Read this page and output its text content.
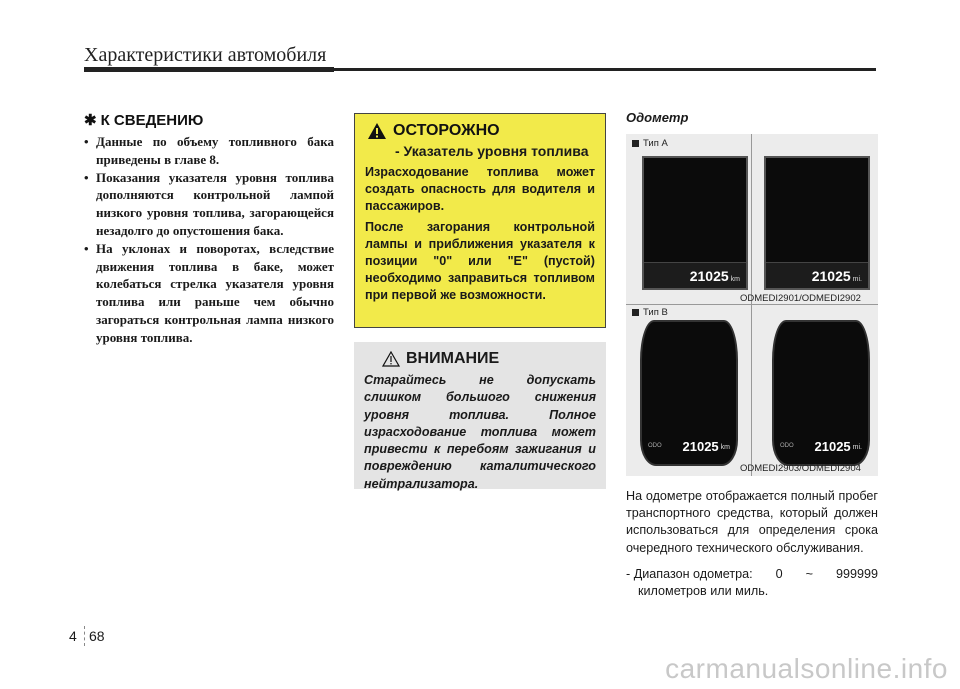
Характеристики автомобиля
✱ К СВЕДЕНИЮ
• Данные по объему топливного бака приведены в главе 8.
• Показания указателя уровня топлива дополняются контрольной лампой низкого уровня топлива, загорающейся незадолго до опустошения бака.
• На уклонах и поворотах, вследствие движения топлива в баке, может колебаться стрелка указателя уровня топлива или раньше чем обычно загораться контрольная лампа низкого уровня топлива.
ОСТОРОЖНО
- Указатель уровня топлива

Израсходование топлива может создать опасность для водителя и пассажиров.

После загорания контрольной лампы и приближения указателя к позиции "0" или "E" (пустой) необходимо заправиться топливом при первой же возможности.

ВНИМАНИЕ

Старайтесь не допускать слишком большого снижения уровня топлива. Полное израсходование топлива может привести к перебоям зажигания и повреждению каталитического нейтрализатора.

Одометр
Тип A
21025 km	21025 mi.
ODMEDI2901/ODMEDI2902
Тип B
ODO 21025 km	ODO 21025 mi.
ODMEDI2903/ODMEDI2904

На одометре отображается полный пробег транспортного средства, который должен использоваться для определения срока очередного технического обслуживания.

- Диапазон одометра: 0 ~ 999999
километров или миль.
4 68
carmanualsonline.info
